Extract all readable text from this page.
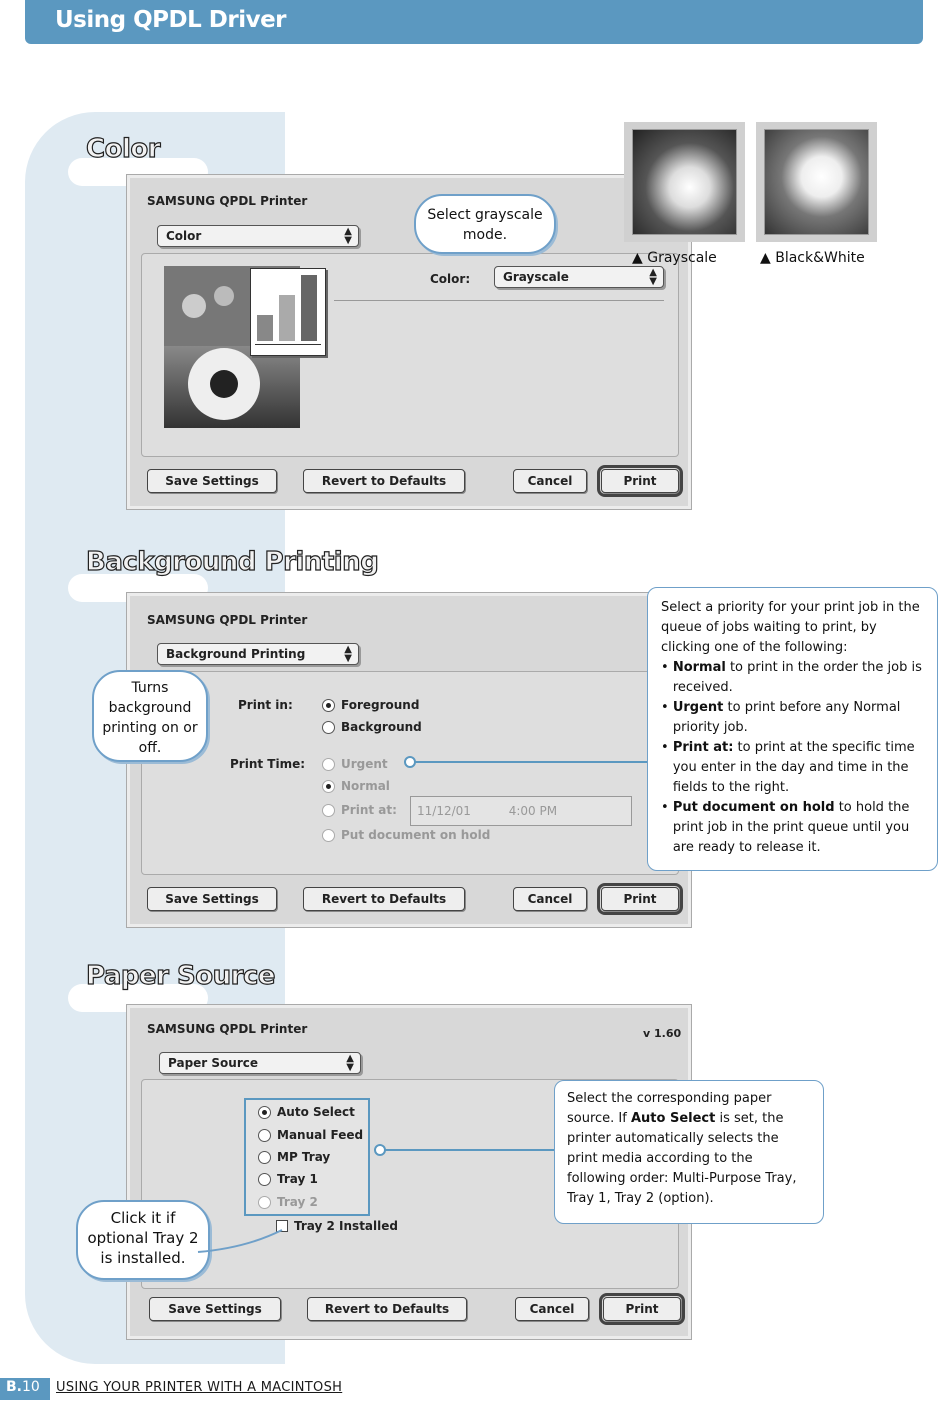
Using QPDL Driver
Color
Background Printing
Paper Source
SAMSUNG QPDL Printer
Color	▲
▼
Color:	Grayscale	▲
▼
Save Settings	Revert to Defaults	Cancel	Print
Select grayscale mode.
▲ Grayscale	▲ Black&White
SAMSUNG QPDL Printer
Background Printing	▲
▼
Print in:	Foreground
Background
Print Time:	Urgent
Normal
Print at:	11/12/01	4:00 PM
Put document on hold
Save Settings	Revert to Defaults	Cancel	Print
Turns background printing on or off.
Select a priority for your print job in the queue of jobs waiting to print, by clicking one of the following:
• Normal to print in the order the job is received.
• Urgent to print before any Normal priority job.
• Print at: to print at the specific time you enter in the day and time in the fields to the right.
• Put document on hold to hold the print job in the print queue until you are ready to release it.
SAMSUNG QPDL Printer	v 1.60
Paper Source	▲
▼
Auto Select
Manual Feed
MP Tray
Tray 1
Tray 2
Tray 2 Installed
Save Settings	Revert to Defaults	Cancel	Print
Select the corresponding paper source. If Auto Select is set, the printer automatically selects the print media according to the following order: Multi-Purpose Tray, Tray 1, Tray 2 (option).
Click it if optional Tray 2 is installed.
B.10	USING YOUR PRINTER WITH A MACINTOSH
